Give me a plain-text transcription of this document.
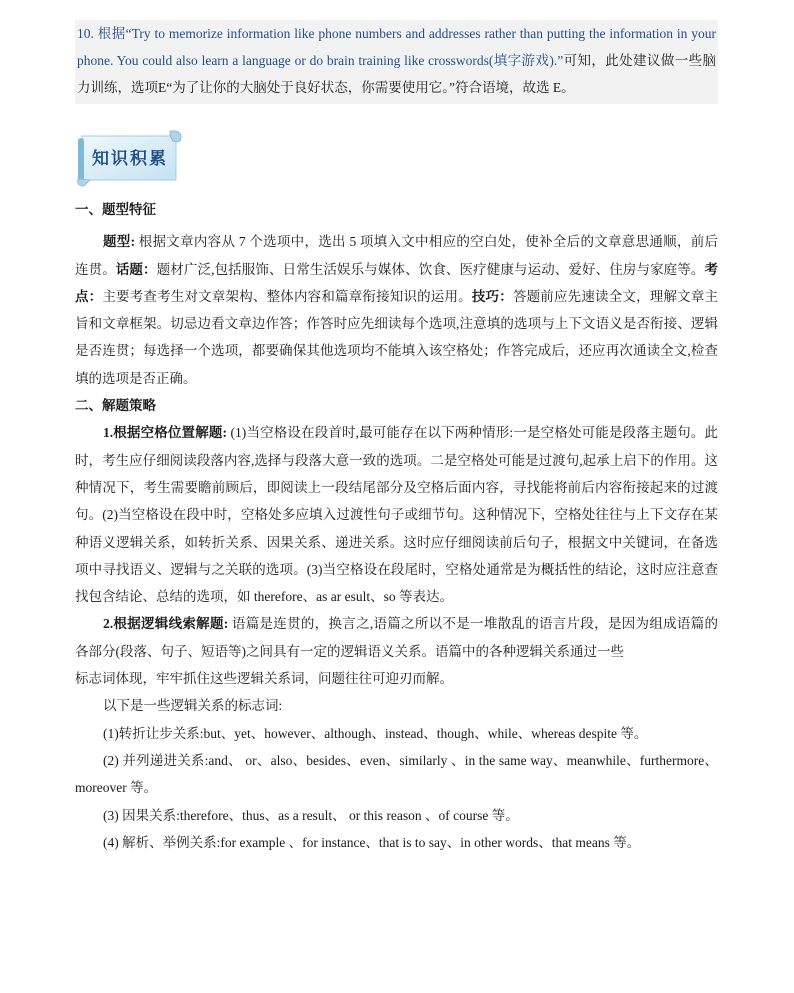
10. 根据“Try to memorize information like phone numbers and addresses rather than putting the information in your phone. You could also learn a language or do brain training like crosswords(填字游戏).”可知，此处建议做一些脑力训练，选项E“为了让你的大脑处于良好状态，你需要使用它。”符合语境，故选 E。
知识积累

一、题型特征

题型: 根据文章内容从 7 个选项中，选出 5 项填入文中相应的空白处，使补全后的文章意思通顺，前后连贯。话题：题材广泛,包括服饰、日常生活娱乐与媒体、饮食、医疗健康与运动、爱好、住房与家庭等。考点：主要考查考生对文章架构、整体内容和篇章衔接知识的运用。技巧：答题前应先速读全文，理解文章主旨和文章框架。切忌边看文章边作答；作答时应先细读每个选项,注意填的选项与上下文语义是否衔接、逻辑是否连贯；每选择一个选项，都要确保其他选项均不能填入该空格处；作答完成后，还应再次通读全文,检查填的选项是否正确。

二、解题策略

1.根据空格位置解题: (1)当空格设在段首时,最可能存在以下两种情形:一是空格处可能是段落主题句。此时，考生应仔细阅读段落内容,选择与段落大意一致的选项。二是空格处可能是过渡句,起承上启下的作用。这种情况下，考生需要瞻前顾后，即阅读上一段结尾部分及空格后面内容，寻找能将前后内容衔接起来的过渡句。(2)当空格设在段中时，空格处多应填入过渡性句子或细节句。这种情况下，空格处往往与上下文存在某种语义逻辑关系，如转折关系、因果关系、递进关系。这时应仔细阅读前后句子，根据文中关键词，在备选项中寻找语义、逻辑与之关联的选项。(3)当空格设在段尾时，空格处通常是为概括性的结论，这时应注意查找包含结论、总结的选项，如 therefore、as ar esult、so 等表达。

2.根据逻辑线索解题: 语篇是连贯的，换言之,语篇之所以不是一堆散乱的语言片段，是因为组成语篇的各部分(段落、句子、短语等)之间具有一定的逻辑语义关系。语篇中的各种逻辑关系通过一些
标志词体现，牢牢抓住这些逻辑关系词，问题往往可迎刃而解。

以下是一些逻辑关系的标志词:

(1)转折让步关系:but、yet、however、although、instead、though、while、whereas despite 等。

(2) 并列递进关系:and、 or、also、besides、even、similarly 、in the same way、meanwhile、furthermore、moreover 等。

(3) 因果关系:therefore、thus、as a result、 or this reason 、of course 等。

(4) 解析、举例关系:for example 、for instance、that is to say、in other words、that means 等。
